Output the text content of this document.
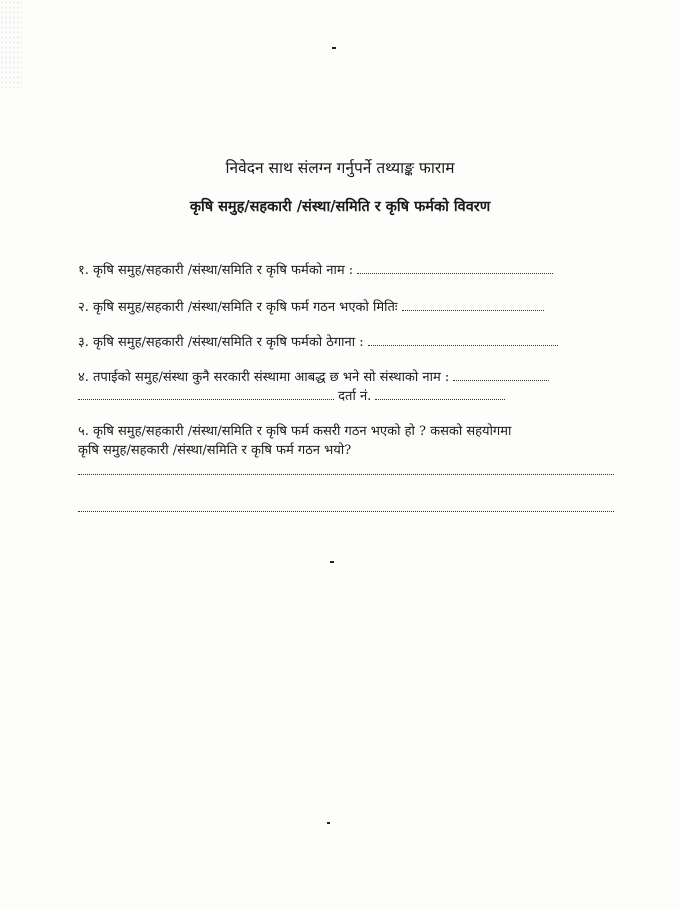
निवेदन साथ संलग्न गर्नुपर्ने तथ्याङ्क फाराम
कृषि समुह/सहकारी /संस्था/समिति र कृषि फर्मको विवरण
१. कृषि समुह/सहकारी /संस्था/समिति र कृषि फर्मको नाम :
२. कृषि समुह/सहकारी /संस्था/समिति र कृषि फर्म गठन भएको मितिः
३. कृषि समुह/सहकारी /संस्था/समिति र कृषि फर्मको ठेगाना :
४. तपाईको समुह/संस्था कुनै सरकारी संस्थामा आबद्ध छ भने सो संस्थाको नाम :
दर्ता नं.
५. कृषि समुह/सहकारी /संस्था/समिति र कृषि फर्म कसरी गठन भएको हो ? कसको सहयोगमा
कृषि समुह/सहकारी /संस्था/समिति र कृषि फर्म गठन भयो?
